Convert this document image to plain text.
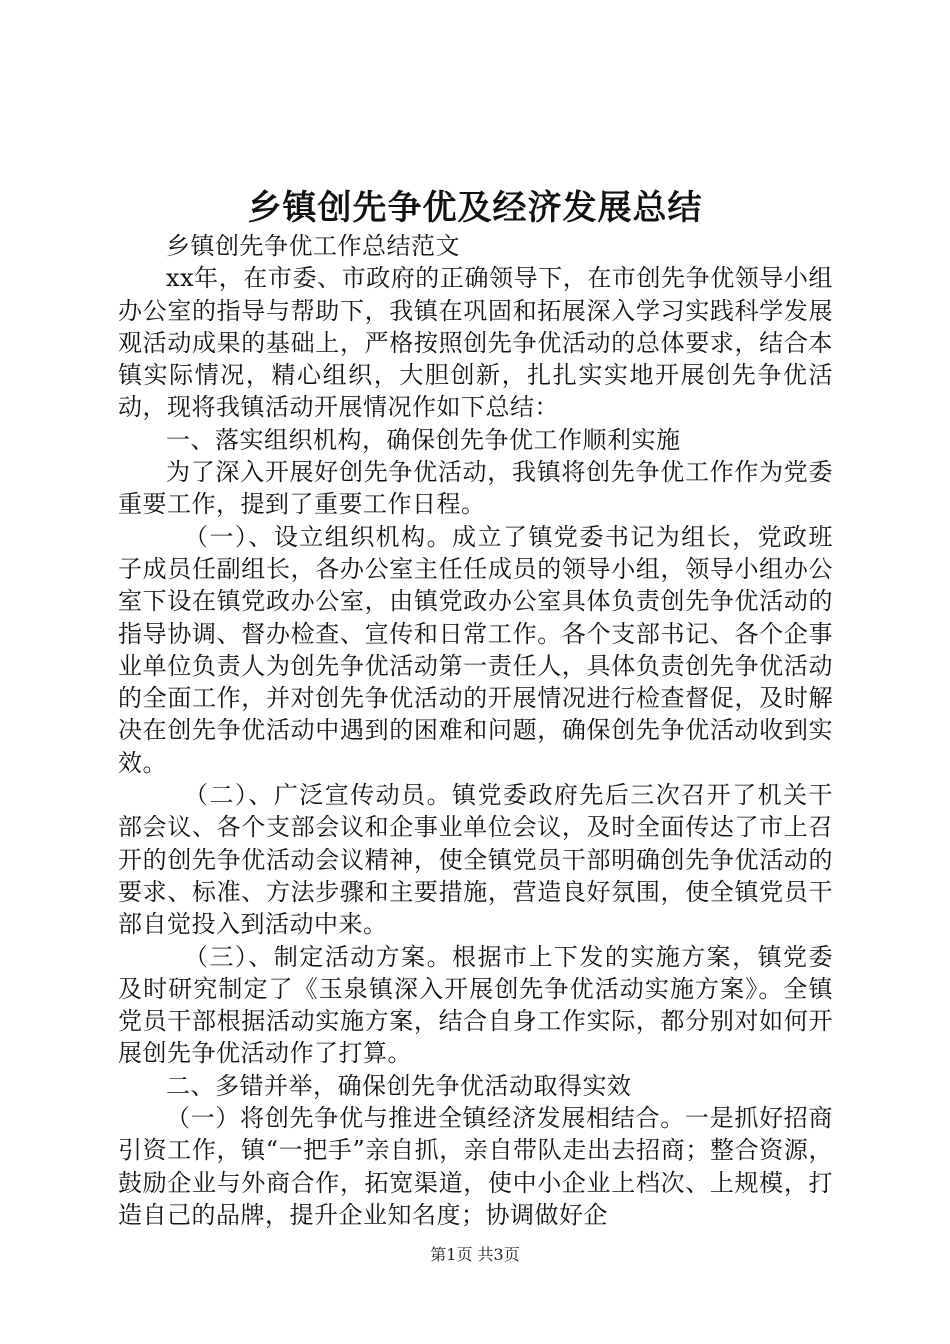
乡镇创先争优及经济发展总结

乡镇创先争优工作总结范文

xx年，在市委、市政府的正确领导下，在市创先争优领导小组办公室的指导与帮助下，我镇在巩固和拓展深入学习实践科学发展观活动成果的基础上，严格按照创先争优活动的总体要求，结合本镇实际情况，精心组织，大胆创新，扎扎实实地开展创先争优活动，现将我镇活动开展情况作如下总结：

一、落实组织机构，确保创先争优工作顺利实施

为了深入开展好创先争优活动，我镇将创先争优工作作为党委重要工作，提到了重要工作日程。

（一）、设立组织机构。成立了镇党委书记为组长，党政班子成员任副组长，各办公室主任任成员的领导小组，领导小组办公室下设在镇党政办公室，由镇党政办公室具体负责创先争优活动的指导协调、督办检查、宣传和日常工作。各个支部书记、各个企事业单位负责人为创先争优活动第一责任人，具体负责创先争优活动的全面工作，并对创先争优活动的开展情况进行检查督促，及时解决在创先争优活动中遇到的困难和问题，确保创先争优活动收到实效。

（二）、广泛宣传动员。镇党委政府先后三次召开了机关干部会议、各个支部会议和企事业单位会议，及时全面传达了市上召开的创先争优活动会议精神，使全镇党员干部明确创先争优活动的要求、标准、方法步骤和主要措施，营造良好氛围，使全镇党员干部自觉投入到活动中来。

（三）、制定活动方案。根据市上下发的实施方案，镇党委及时研究制定了《玉泉镇深入开展创先争优活动实施方案》。全镇党员干部根据活动实施方案，结合自身工作实际，都分别对如何开展创先争优活动作了打算。

二、多错并举，确保创先争优活动取得实效

（一）将创先争优与推进全镇经济发展相结合。一是抓好招商引资工作，镇“一把手”亲自抓，亲自带队走出去招商；整合资源，鼓励企业与外商合作，拓宽渠道，使中小企业上档次、上规模，打造自己的品牌，提升企业知名度；协调做好企

第1页 共3页
